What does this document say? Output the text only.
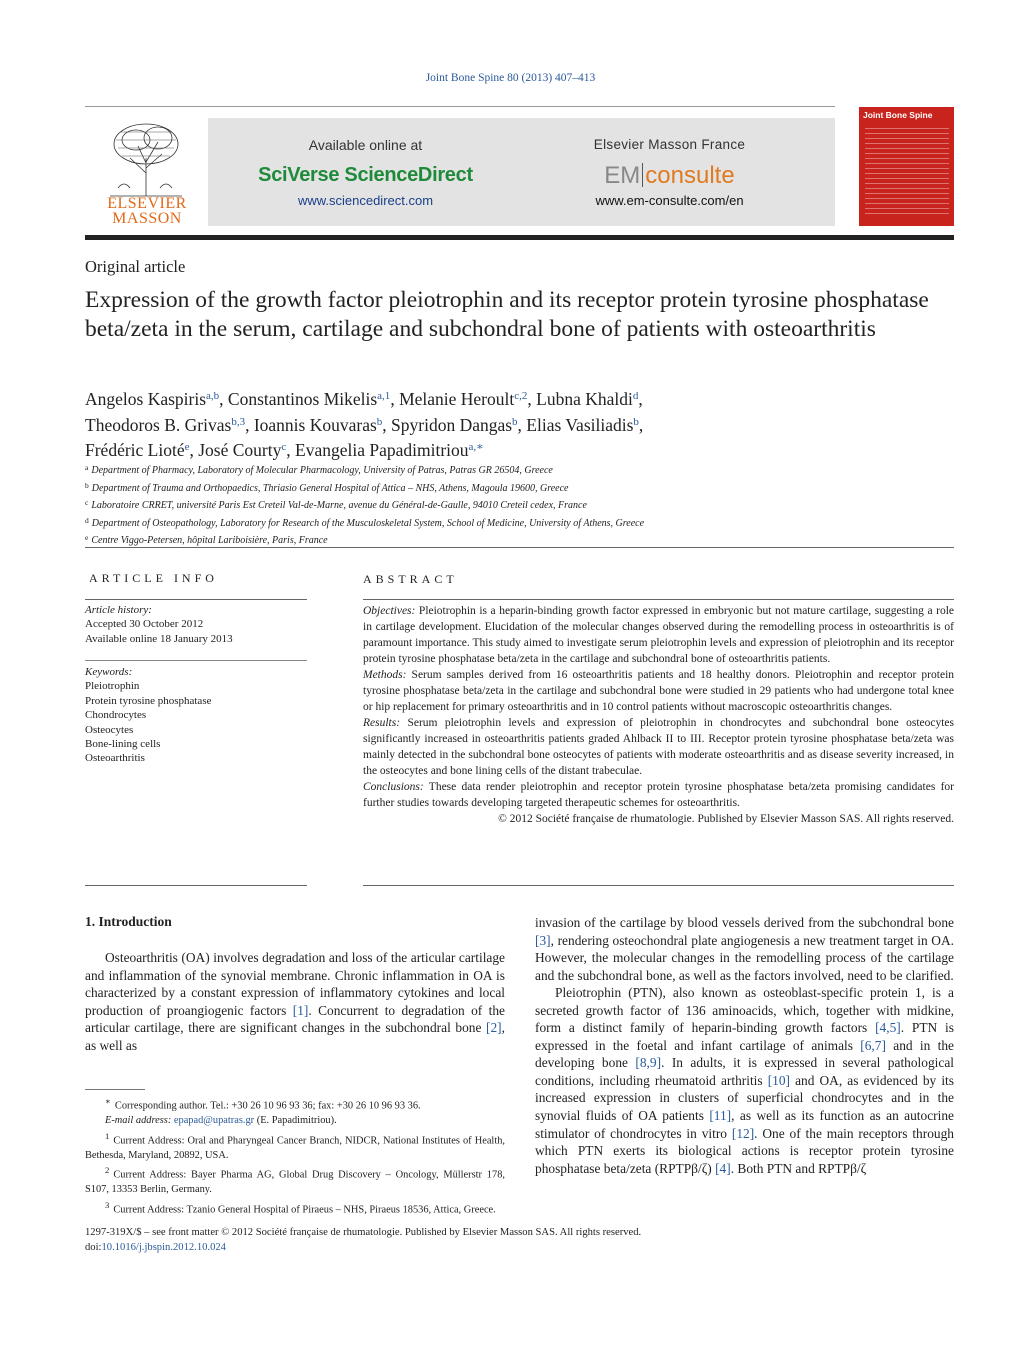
Joint Bone Spine 80 (2013) 407–413
ELSEVIER
MASSON
Available online at
SciVerse ScienceDirect
www.sciencedirect.com
Elsevier Masson France
EM consulte
www.em-consulte.com/en
Joint Bone Spine
Original article
Expression of the growth factor pleiotrophin and its receptor protein tyrosine phosphatase beta/zeta in the serum, cartilage and subchondral bone of patients with osteoarthritis
Angelos Kaspiris$^{a,b}$, Constantinos Mikelis$^{a,1}$, Melanie Heroult$^{c,2}$, Lubna Khaldi$^d$,
Theodoros B. Grivas$^{b,3}$, Ioannis Kouvaras$^b$, Spyridon Dangas$^b$, Elias Vasiliadis$^b$,
Frédéric Lioté$^e$, José Courty$^c$, Evangelia Papadimitriou$^{a,∗}$
$^a$ Department of Pharmacy, Laboratory of Molecular Pharmacology, University of Patras, Patras GR 26504, Greece
$^b$ Department of Trauma and Orthopaedics, Thriasio General Hospital of Attica – NHS, Athens, Magoula 19600, Greece
$^c$ Laboratoire CRRET, université Paris Est Creteil Val-de-Marne, avenue du Général-de-Gaulle, 94010 Creteil cedex, France
$^d$ Department of Osteopathology, Laboratory for Research of the Musculoskeletal System, School of Medicine, University of Athens, Greece
$^e$ Centre Viggo-Petersen, hôpital Lariboisière, Paris, France
ARTICLE INFO
Article history:
Accepted 30 October 2012
Available online 18 January 2013
Keywords:
Pleiotrophin
Protein tyrosine phosphatase
Chondrocytes
Osteocytes
Bone-lining cells
Osteoarthritis
ABSTRACT

Objectives: Pleiotrophin is a heparin-binding growth factor expressed in embryonic but not mature cartilage, suggesting a role in cartilage development. Elucidation of the molecular changes observed during the remodelling process in osteoarthritis is of paramount importance. This study aimed to investigate serum pleiotrophin levels and expression of pleiotrophin and its receptor protein tyrosine phosphatase beta/zeta in the cartilage and subchondral bone of osteoarthritis patients.

Methods: Serum samples derived from 16 osteoarthritis patients and 18 healthy donors. Pleiotrophin and receptor protein tyrosine phosphatase beta/zeta in the cartilage and subchondral bone were studied in 29 patients who had undergone total knee or hip replacement for primary osteoarthritis and in 10 control patients without macroscopic osteoarthritis changes.

Results: Serum pleiotrophin levels and expression of pleiotrophin in chondrocytes and subchondral bone osteocytes significantly increased in osteoarthritis patients graded Ahlback II to III. Receptor protein tyrosine phosphatase beta/zeta was mainly detected in the subchondral bone osteocytes of patients with moderate osteoarthritis and as disease severity increased, in the osteocytes and bone lining cells of the distant trabeculae.

Conclusions: These data render pleiotrophin and receptor protein tyrosine phosphatase beta/zeta promising candidates for further studies towards developing targeted therapeutic schemes for osteoarthritis.

© 2012 Société française de rhumatologie. Published by Elsevier Masson SAS. All rights reserved.

1. Introduction

Osteoarthritis (OA) involves degradation and loss of the articular cartilage and inflammation of the synovial membrane. Chronic inflammation in OA is characterized by a constant expression of inflammatory cytokines and local production of proangiogenic factors [1]. Concurrent to degradation of the articular cartilage, there are significant changes in the subchondral bone [2], as well as

invasion of the cartilage by blood vessels derived from the subchondral bone [3], rendering osteochondral plate angiogenesis a new treatment target in OA. However, the molecular changes in the remodelling process of the cartilage and the subchondral bone, as well as the factors involved, need to be clarified.

Pleiotrophin (PTN), also known as osteoblast-specific protein 1, is a secreted growth factor of 136 aminoacids, which, together with midkine, form a distinct family of heparin-binding growth factors [4,5]. PTN is expressed in the foetal and infant cartilage of animals [6,7] and in the developing bone [8,9]. In adults, it is expressed in several pathological conditions, including rheumatoid arthritis [10] and OA, as evidenced by its increased expression in clusters of superficial chondrocytes and in the synovial fluids of OA patients [11], as well as its function as an autocrine stimulator of chondrocytes in vitro [12]. One of the main receptors through which PTN exerts its biological actions is receptor protein tyrosine phosphatase beta/zeta (RPTPβ/ζ) [4]. Both PTN and RPTPβ/ζ

∗ Corresponding author. Tel.: +30 26 10 96 93 36; fax: +30 26 10 96 93 36.

E-mail address: epapad@upatras.gr (E. Papadimitriou).

$^1$ Current Address: Oral and Pharyngeal Cancer Branch, NIDCR, National Institutes of Health, Bethesda, Maryland, 20892, USA.

$^2$ Current Address: Bayer Pharma AG, Global Drug Discovery – Oncology, Müllerstr 178, S107, 13353 Berlin, Germany.

$^3$ Current Address: Tzanio General Hospital of Piraeus – NHS, Piraeus 18536, Attica, Greece.

1297-319X/$ – see front matter © 2012 Société française de rhumatologie. Published by Elsevier Masson SAS. All rights reserved.
doi:10.1016/j.jbspin.2012.10.024
